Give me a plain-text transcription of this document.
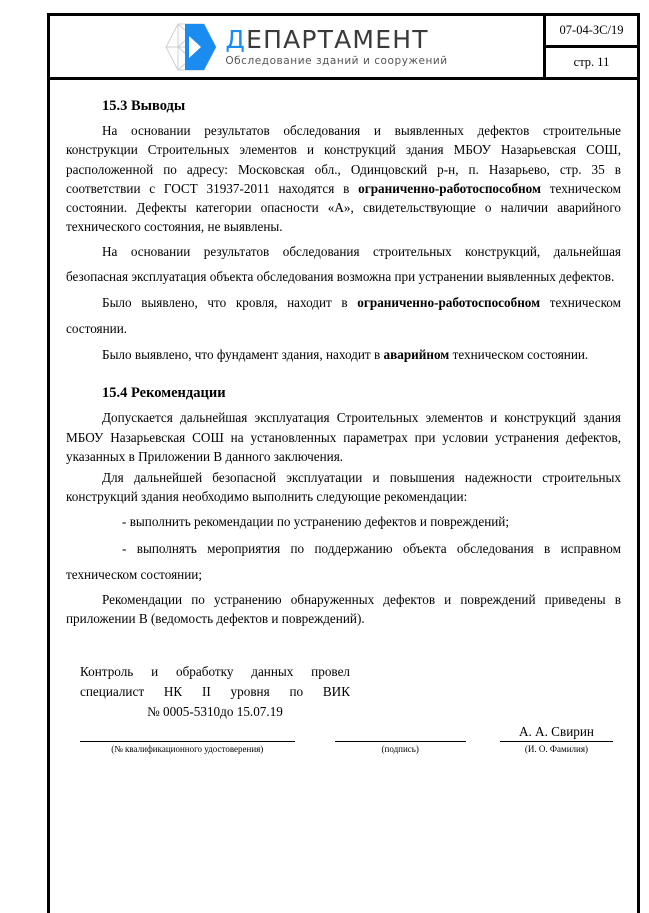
ДЕПАРТАМЕНТ
Обследование зданий и сооружений
07-04-ЗС/19
стр. 11
15.3 Выводы

На основании результатов обследования и выявленных дефектов строительные конструкции Строительных элементов и конструкций здания МБОУ Назарьевская СОШ, расположенной по адресу: Московская обл., Одинцовский р-н, п. Назарьево, стр. 35 в соответствии с ГОСТ 31937-2011 находятся в ограниченно-работоспособном техническом состоянии. Дефекты категории опасности «А», свидетельствующие о наличии аварийного технического состояния, не выявлены.

На основании результатов обследования строительных конструкций, дальнейшая безопасная эксплуатация объекта обследования возможна при устранении выявленных дефектов.

Было выявлено, что кровля, находит в ограниченно-работоспособном техническом состоянии.

Было выявлено, что фундамент здания, находит в аварийном техническом состоянии.

15.4 Рекомендации

Допускается дальнейшая эксплуатация Строительных элементов и конструкций здания МБОУ Назарьевская СОШ на установленных параметрах при условии устранения дефектов, указанных в Приложении В данного заключения.

Для дальнейшей безопасной эксплуатации и повышения надежности строительных конструкций здания необходимо выполнить следующие рекомендации:

- выполнить рекомендации по устранению дефектов и повреждений;

- выполнять мероприятия по поддержанию объекта обследования в исправном техническом состоянии;

Рекомендации по устранению обнаруженных дефектов и повреждений приведены в приложении В (ведомость дефектов и повреждений).

Контроль и обработку данных провел
специалист НК II уровня по ВИК
№ 0005-5310до 15.07.19
(№ квалификационного удостоверения)	(подпись)
А. А. Свирин
(И. О. Фамилия)
